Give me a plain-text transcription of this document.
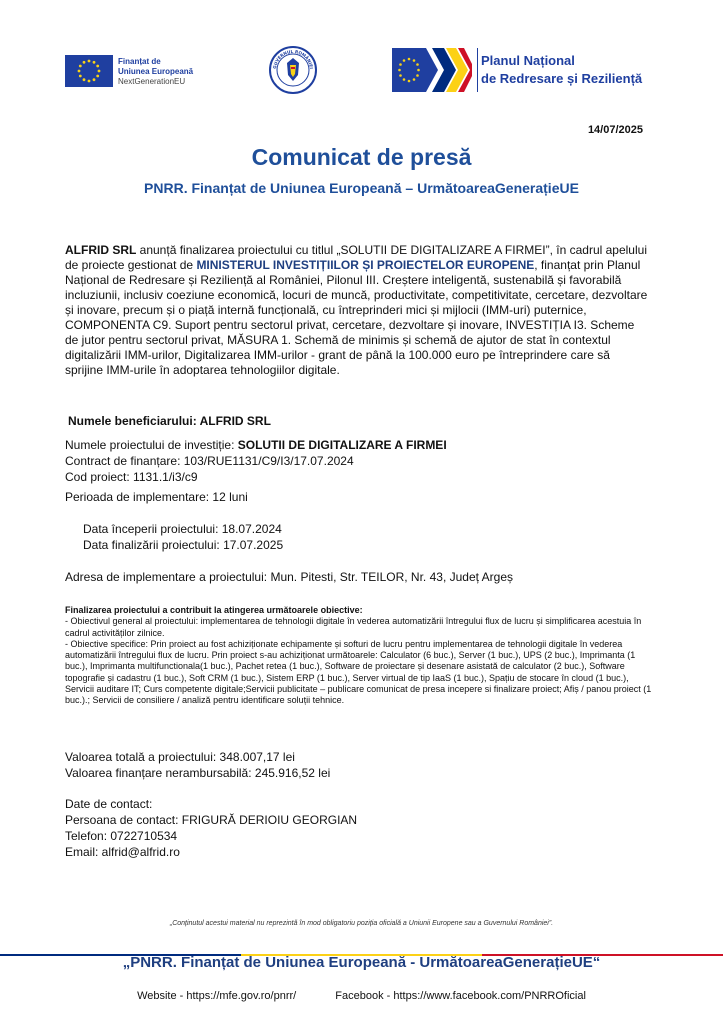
Finanțat de
Uniunea Europeană
NextGenerationEU
GUVERNUL ROMÂNIEI
Planul Național
de Redresare și Reziliență
14/07/2025
Comunicat de presă
PNRR. Finanțat de Uniunea Europeană – UrmătoareaGenerațieUE
ALFRID SRL anunță finalizarea proiectului cu titlul „SOLUTII DE DIGITALIZARE A FIRMEI”, în cadrul apelului de proiecte gestionat de MINISTERUL INVESTIȚIILOR ȘI PROIECTELOR EUROPENE, finanțat prin Planul Național de Redresare și Reziliență al României, Pilonul III. Creștere inteligentă, sustenabilă și favorabilă incluziunii, inclusiv coeziune economică, locuri de muncă, productivitate, competitivitate, cercetare, dezvoltare și inovare, precum și o piață internă funcțională, cu întreprinderi mici și mijlocii (IMM-uri) puternice, COMPONENTA C9. Suport pentru sectorul privat, cercetare, dezvoltare și inovare, INVESTIȚIA I3. Scheme de jutor pentru sectorul privat, MĂSURA 1. Schemă de minimis și schemă de ajutor de stat în contextul digitalizării IMM-urilor, Digitalizarea IMM-urilor - grant de până la 100.000 euro pe întreprindere care să sprijine IMM-urile în adoptarea tehnologiilor digitale.
Numele beneficiarului: ALFRID SRL
Numele proiectului de investiție: SOLUTII DE DIGITALIZARE A FIRMEI
Contract de finanțare: 103/RUE1131/C9/I3/17.07.2024
Cod proiect: 1131.1/i3/c9
Perioada de implementare: 12 luni
Data începerii proiectului: 18.07.2024
Data finalizării proiectului: 17.07.2025
Adresa de implementare a proiectului: Mun. Pitesti, Str. TEILOR, Nr. 43, Județ Argeș
Finalizarea proiectului a contribuit la atingerea următoarele obiective:
- Obiectivul general al proiectului: implementarea de tehnologii digitale în vederea automatizării întregului flux de lucru și simplificarea acestuia în cadrul activităților zilnice.
- Obiective specifice: Prin proiect au fost achiziționate echipamente și softuri de lucru pentru implementarea de tehnologii digitale în vederea automatizării întregului flux de lucru. Prin proiect s-au achiziționat următoarele: Calculator (6 buc.), Server (1 buc.), UPS (2 buc.), Imprimanta (1 buc.), Imprimanta multifunctionala(1 buc.), Pachet retea (1 buc.), Software de proiectare și desenare asistată de calculator (2 buc.), Software topografie și cadastru (1 buc.), Soft CRM (1 buc.), Sistem ERP (1 buc.), Server virtual de tip IaaS (1 buc.), Spațiu de stocare în cloud (1 buc.), Servicii auditare IT; Curs competente digitale;Servicii publicitate – publicare comunicat de presa incepere si finalizare proiect; Afiș / panou proiect (1 buc.).; Servicii de consiliere / analiză pentru identificare soluții tehnice.
Valoarea totală a proiectului: 348.007,17 lei
Valoarea finanțare nerambursabilă: 245.916,52 lei
Date de contact:
Persoana de contact: FRIGURĂ DERIOIU GEORGIAN
Telefon: 0722710534
Email: alfrid@alfrid.ro
„Conținutul acestui material nu reprezintă în mod obligatoriu poziția oficială a Uniunii Europene sau a Guvernului României”.
„PNRR. Finanțat de Uniunea Europeană - UrmătoareaGenerațieUE“
Website - https://mfe.gov.ro/pnrr/	Facebook - https://www.facebook.com/PNRROficial
